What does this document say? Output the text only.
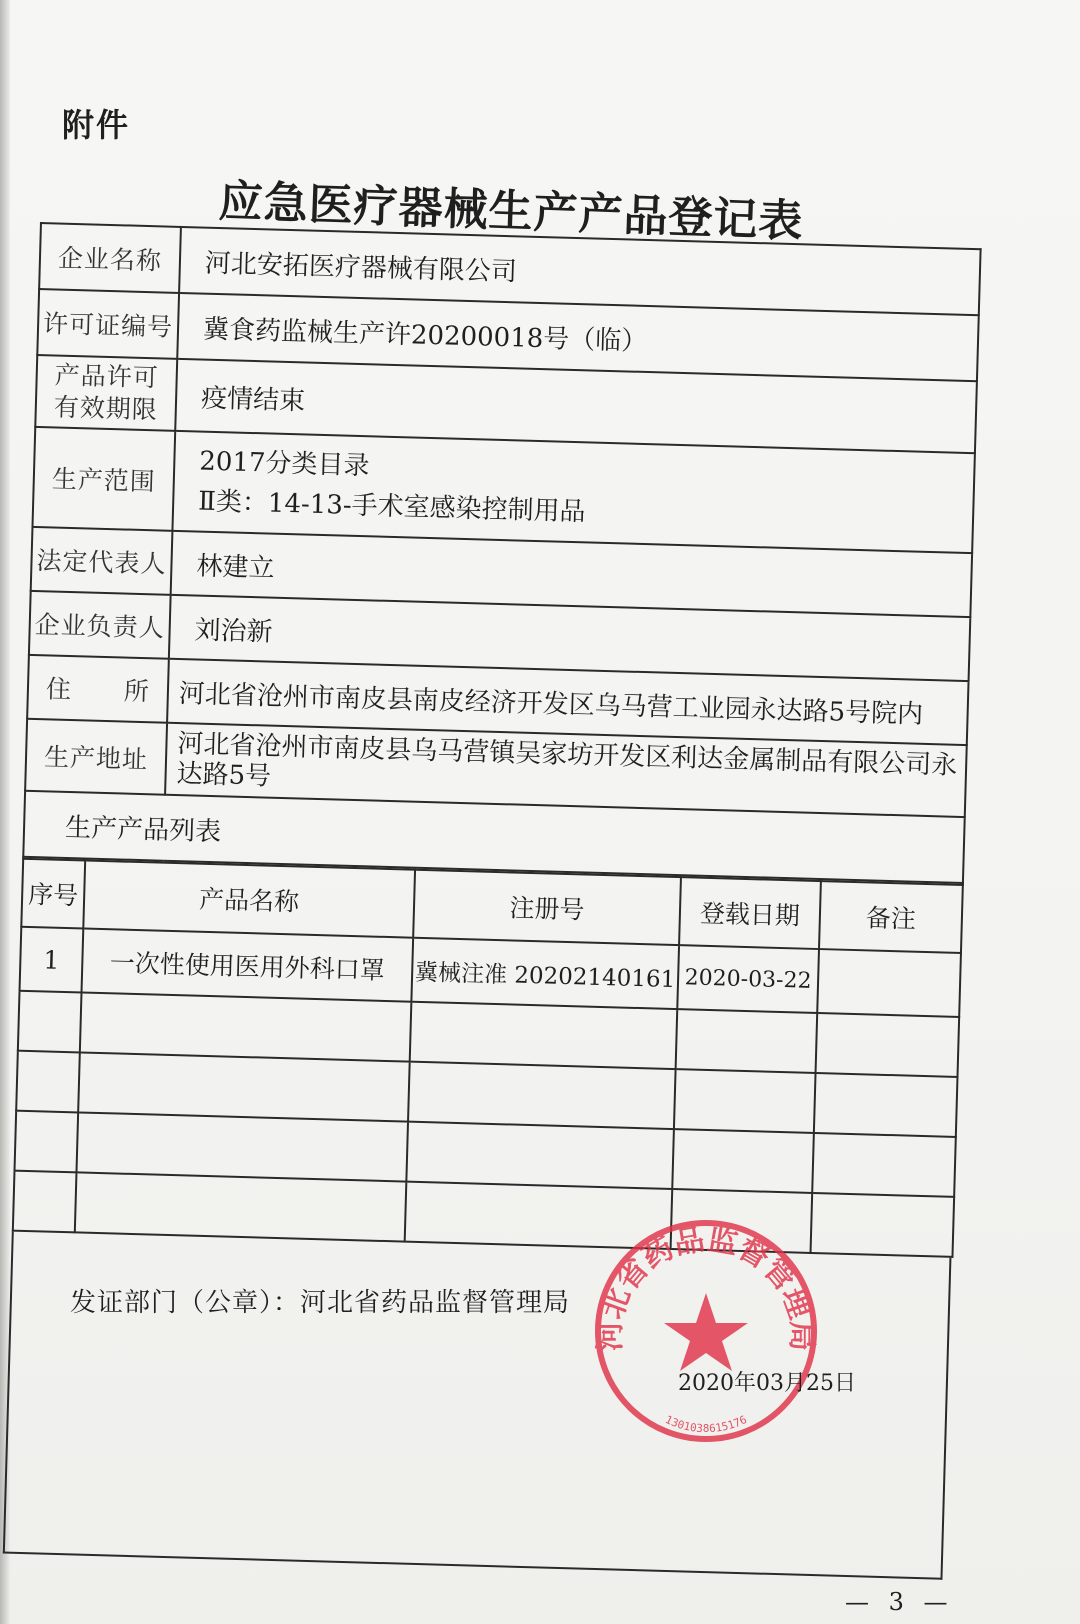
附件
应急医疗器械生产产品登记表
企业名称	河北安拓医疗器械有限公司
许可证编号	冀食药监械生产许20200018号（临）

产品许可
有效期限	疫情结束
生产范围	2017分类目录
Ⅱ类：14-13-手术室感染控制用品

法定代表人	林建立
企业负责人	刘治新
住　　所	河北省沧州市南皮县南皮经济开发区乌马营工业园永达路5号院内
生产地址	河北省沧州市南皮县乌马营镇吴家坊开发区利达金属制品有限公司永达路5号
生产产品列表	
序号	产品名称	注册号	登载日期	备注
1	一次性使用医用外科口罩	冀械注准 20202140161	2020-03-22	

发证部门（公章）：河北省药品监督管理局
河北省药品监督管理局
1301038615176
2020年03月25日
— 3 —
